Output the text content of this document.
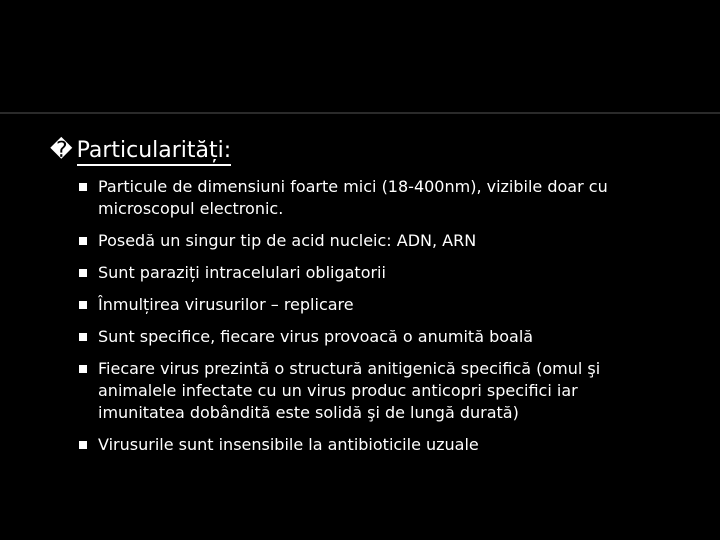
� Particularități:
Particule de dimensiuni foarte mici (18-400nm), vizibile doar cu microscopul electronic.
Posedă un singur tip de acid nucleic: ADN, ARN
Sunt paraziți intracelulari obligatorii
Înmulțirea virusurilor – replicare
Sunt specifice, fiecare virus provoacă o anumită boală
Fiecare virus prezintă o structură anitigenică specifică (omul şi animalele infectate cu un virus produc anticopri specifici iar imunitatea dobândită este solidă şi de lungă durată)
Virusurile sunt insensibile la antibioticile uzuale
